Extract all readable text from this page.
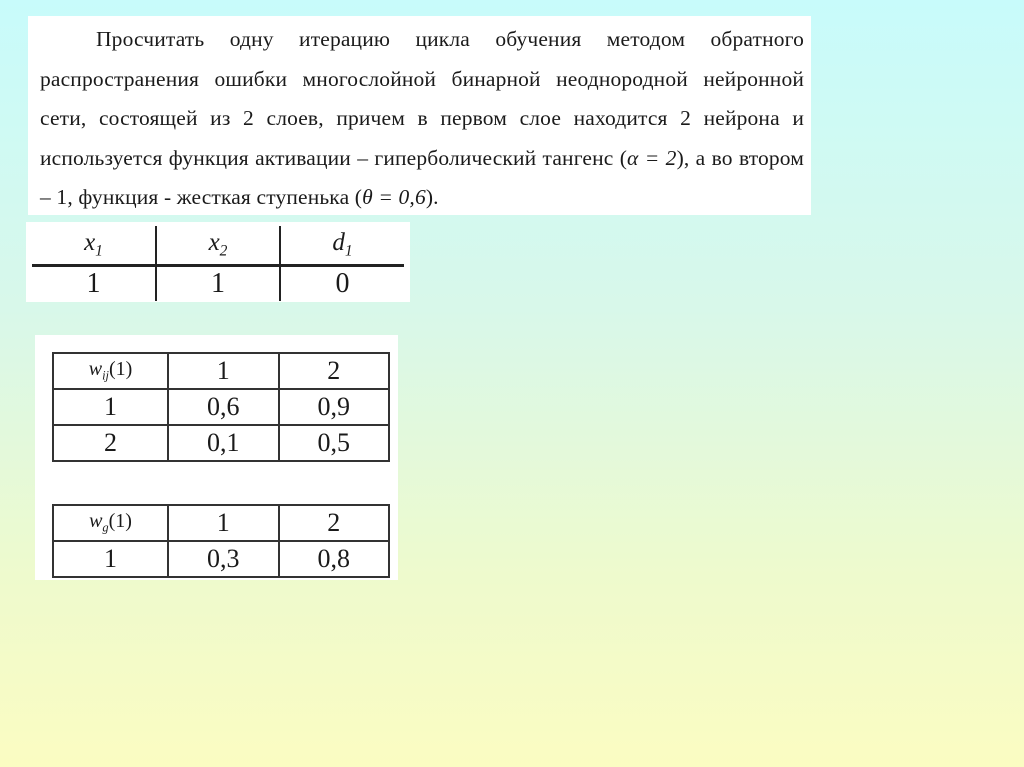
Просчитать одну итерацию цикла обучения методом обратного распространения ошибки многослойной бинарной неоднородной нейронной сети, состоящей из 2 слоев, причем в первом слое находится 2 нейрона и используется функция активации – гиперболический тангенс (α = 2), а во втором – 1, функция - жесткая ступенька (θ = 0,6).

$x_1$	$x_2$	$d_1$
1	1	0
$w_{ij}(1)$	1	2
1	0,6	0,9
2	0,1	0,5
$w_g(1)$	1	2
1	0,3	0,8
